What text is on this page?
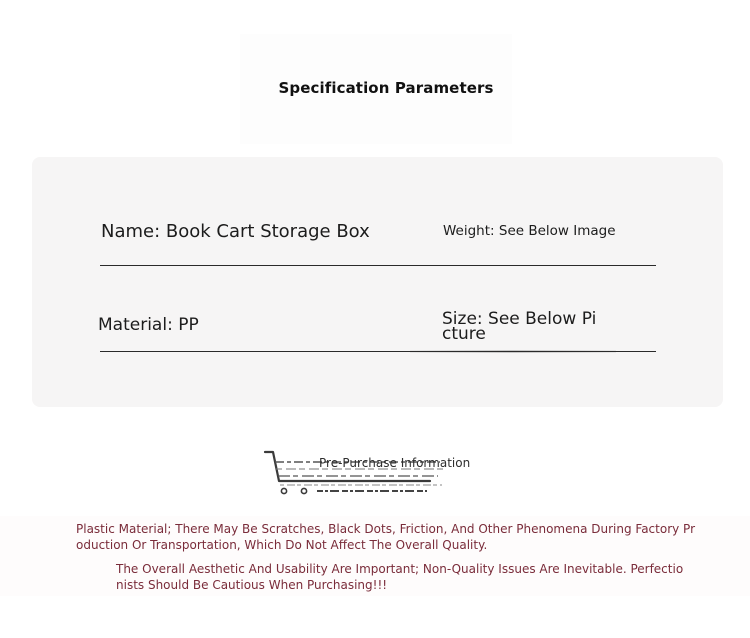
Specification Parameters
Name: Book Cart Storage Box	Weight: See Below Image
Material: PP	Size: See Below Picture
Pre-Purchase Information
Plastic Material; There May Be Scratches, Black Dots, Friction, And Other Phenomena During Factory Production Or Transportation, Which Do Not Affect The Overall Quality.
The Overall Aesthetic And Usability Are Important; Non-Quality Issues Are Inevitable. Perfectionists Should Be Cautious When Purchasing!!!
